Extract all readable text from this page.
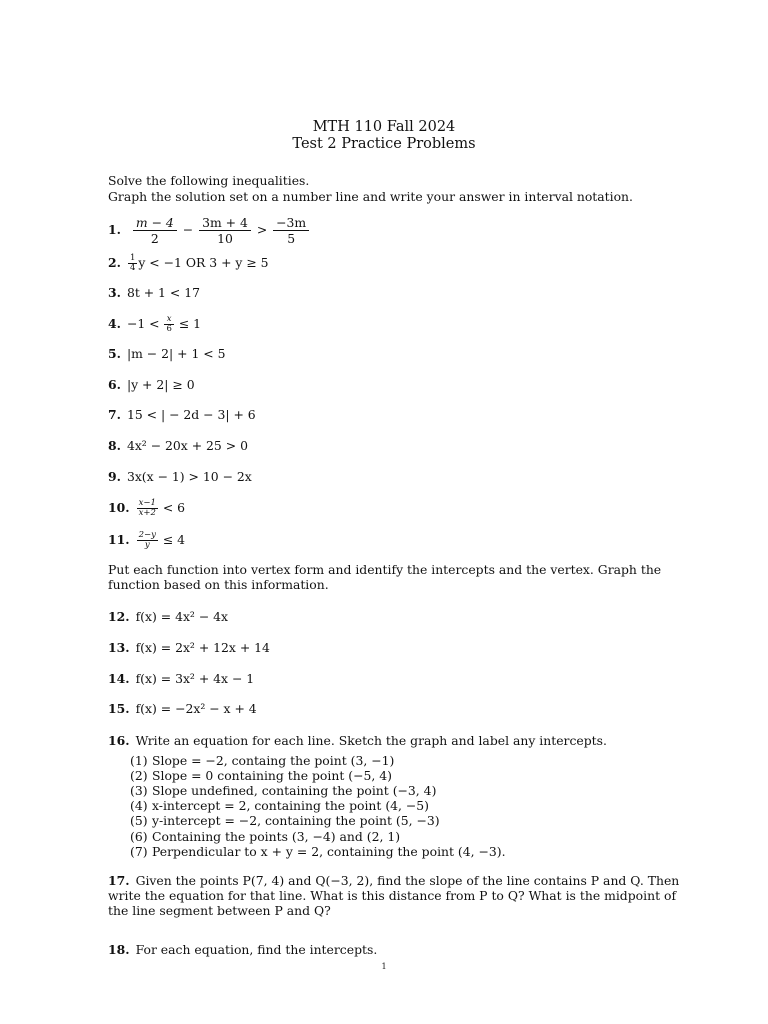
MTH 110 Fall 2024
Test 2 Practice Problems
Solve the following inequalities.
Graph the solution set on a number line and write your answer in interval notation.
1. $\frac{m - 4}{2} - \frac{3m + 4}{10} > \frac{-3m}{5}$
2. $\frac{1}{4}$ y < −1 OR 3 + y ≥ 5
3. 8t + 1 < 17
4. $-1 < \frac{x}{6} \le 1$
5. |m − 2| + 1 < 5
6. |y + 2| ≥ 0
7. 15 < | − 2d − 3| + 6
8. 4x² − 20x + 25 > 0
9. 3x(x − 1) > 10 − 2x
10. $\frac{x-1}{x+2} < 6$
11. $\frac{2-y}{y} \le 4$
Put each function into vertex form and identify the intercepts and the vertex. Graph the function based on this information.
12. f(x) = 4x² − 4x
13. f(x) = 2x² + 12x + 14
14. f(x) = 3x² + 4x − 1
15. f(x) = −2x² − x + 4
16. Write an equation for each line. Sketch the graph and label any intercepts.
(1) Slope = −2, containg the point (3, −1)
(2) Slope = 0 containing the point (−5, 4)
(3) Slope undefined, containing the point (−3, 4)
(4) x-intercept = 2, containing the point (4, −5)
(5) y-intercept = −2, containing the point (5, −3)
(6) Containing the points (3, −4) and (2, 1)
(7) Perpendicular to x + y = 2, containing the point (4, −3).
17. Given the points P(7, 4) and Q(−3, 2), find the slope of the line contains P and Q. Then write the equation for that line. What is this distance from P to Q? What is the midpoint of the line segment between P and Q?
18. For each equation, find the intercepts.
1
